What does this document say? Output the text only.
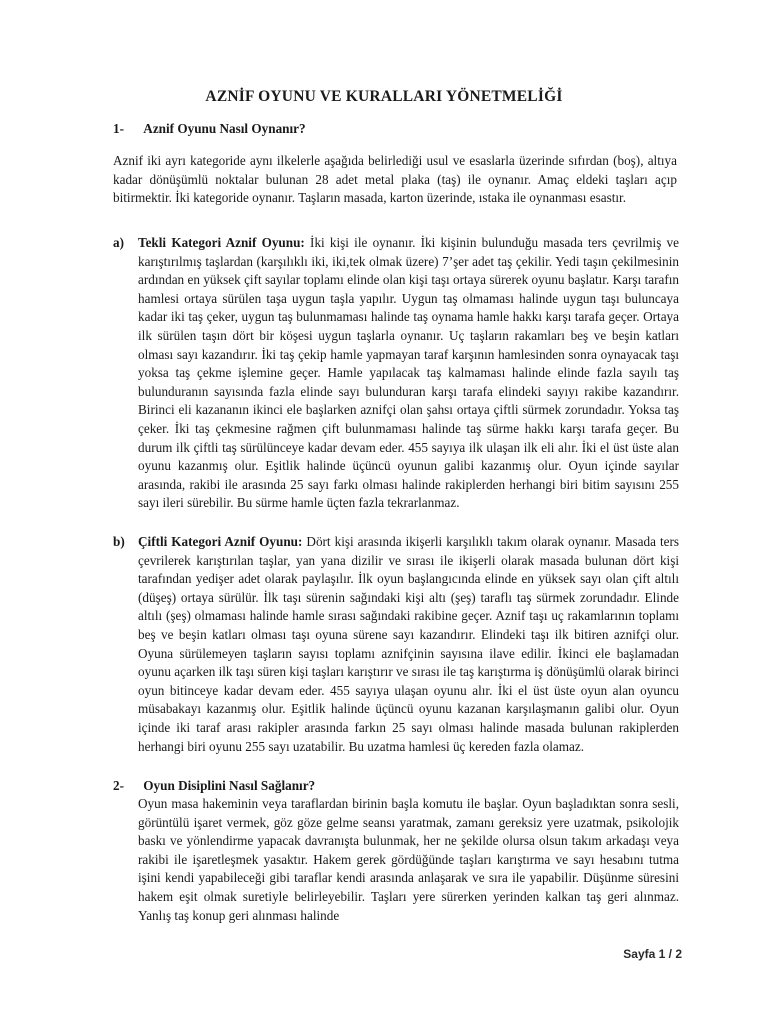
AZNİF OYUNU VE KURALLARI YÖNETMELİĞİ
1- Aznif Oyunu Nasıl Oynanır?

Aznif iki ayrı kategoride aynı ilkelerle aşağıda belirlediği usul ve esaslarla üzerinde sıfırdan (boş), altıya kadar dönüşümlü noktalar bulunan 28 adet metal plaka (taş) ile oynanır. Amaç eldeki taşları açıp bitirmektir. İki kategoride oynanır. Taşların masada, karton üzerinde, ıstaka ile oynanması esastır.

a) Tekli Kategori Aznif Oyunu: İki kişi ile oynanır. İki kişinin bulunduğu masada ters çevrilmiş ve karıştırılmış taşlardan (karşılıklı iki, iki,tek olmak üzere) 7’şer adet taş çekilir. Yedi taşın çekilmesinin ardından en yüksek çift sayılar toplamı elinde olan kişi taşı ortaya sürerek oyunu başlatır. Karşı tarafın hamlesi ortaya sürülen taşa uygun taşla yapılır. Uygun taş olmaması halinde uygun taşı buluncaya kadar iki taş çeker, uygun taş bulunmaması halinde taş oynama hamle hakkı karşı tarafa geçer. Ortaya ilk sürülen taşın dört bir köşesi uygun taşlarla oynanır. Uç taşların rakamları beş ve beşin katları olması sayı kazandırır. İki taş çekip hamle yapmayan taraf karşının hamlesinden sonra oynayacak taşı yoksa taş çekme işlemine geçer. Hamle yapılacak taş kalmaması halinde elinde fazla sayılı taş bulunduranın sayısında fazla elinde sayı bulunduran karşı tarafa elindeki sayıyı rakibe kazandırır. Birinci eli kazananın ikinci ele başlarken aznifçi olan şahsı ortaya çiftli sürmek zorundadır. Yoksa taş çeker. İki taş çekmesine rağmen çift bulunmaması halinde taş sürme hakkı karşı tarafa geçer. Bu durum ilk çiftli taş sürülünceye kadar devam eder. 455 sayıya ilk ulaşan ilk eli alır. İki el üst üste alan oyunu kazanmış olur. Eşitlik halinde üçüncü oyunun galibi kazanmış olur. Oyun içinde sayılar arasında, rakibi ile arasında 25 sayı farkı olması halinde rakiplerden herhangi biri bitim sayısını 255 sayı ileri sürebilir. Bu sürme hamle üçten fazla tekrarlanmaz.
b) Çiftli Kategori Aznif Oyunu: Dört kişi arasında ikişerli karşılıklı takım olarak oynanır. Masada ters çevrilerek karıştırılan taşlar, yan yana dizilir ve sırası ile ikişerli olarak masada bulunan dört kişi tarafından yedişer adet olarak paylaşılır. İlk oyun başlangıcında elinde en yüksek sayı olan çift altılı (düşeş) ortaya sürülür. İlk taşı sürenin sağındaki kişi altı (şeş) taraflı taş sürmek zorundadır. Elinde altılı (şeş) olmaması halinde hamle sırası sağındaki rakibine geçer. Aznif taşı uç rakamlarının toplamı beş ve beşin katları olması taşı oyuna sürene sayı kazandırır. Elindeki taşı ilk bitiren aznifçi olur. Oyuna sürülemeyen taşların sayısı toplamı aznifçinin sayısına ilave edilir. İkinci ele başlamadan oyunu açarken ilk taşı süren kişi taşları karıştırır ve sırası ile taş karıştırma iş dönüşümlü olarak birinci oyun bitinceye kadar devam eder. 455 sayıya ulaşan oyunu alır. İki el üst üste oyun alan oyuncu müsabakayı kazanmış olur. Eşitlik halinde üçüncü oyunu kazanan karşılaşmanın galibi olur. Oyun içinde iki taraf arası rakipler arasında farkın 25 sayı olması halinde masada bulunan rakiplerden herhangi biri oyunu 255 sayı uzatabilir. Bu uzatma hamlesi üç kereden fazla olamaz.
2- Oyun Disiplini Nasıl Sağlanır?

Oyun masa hakeminin veya taraflardan birinin başla komutu ile başlar. Oyun başladıktan sonra sesli, görüntülü işaret vermek, göz göze gelme seansı yaratmak, zamanı gereksiz yere uzatmak, psikolojik baskı ve yönlendirme yapacak davranışta bulunmak, her ne şekilde olursa olsun takım arkadaşı veya rakibi ile işaretleşmek yasaktır. Hakem gerek gördüğünde taşları karıştırma ve sayı hesabını tutma işini kendi yapabileceği gibi taraflar kendi arasında anlaşarak ve sıra ile yapabilir. Düşünme süresini hakem eşit olmak suretiyle belirleyebilir. Taşları yere sürerken yerinden kalkan taş geri alınmaz. Yanlış taş konup geri alınması halinde

Sayfa 1 / 2
